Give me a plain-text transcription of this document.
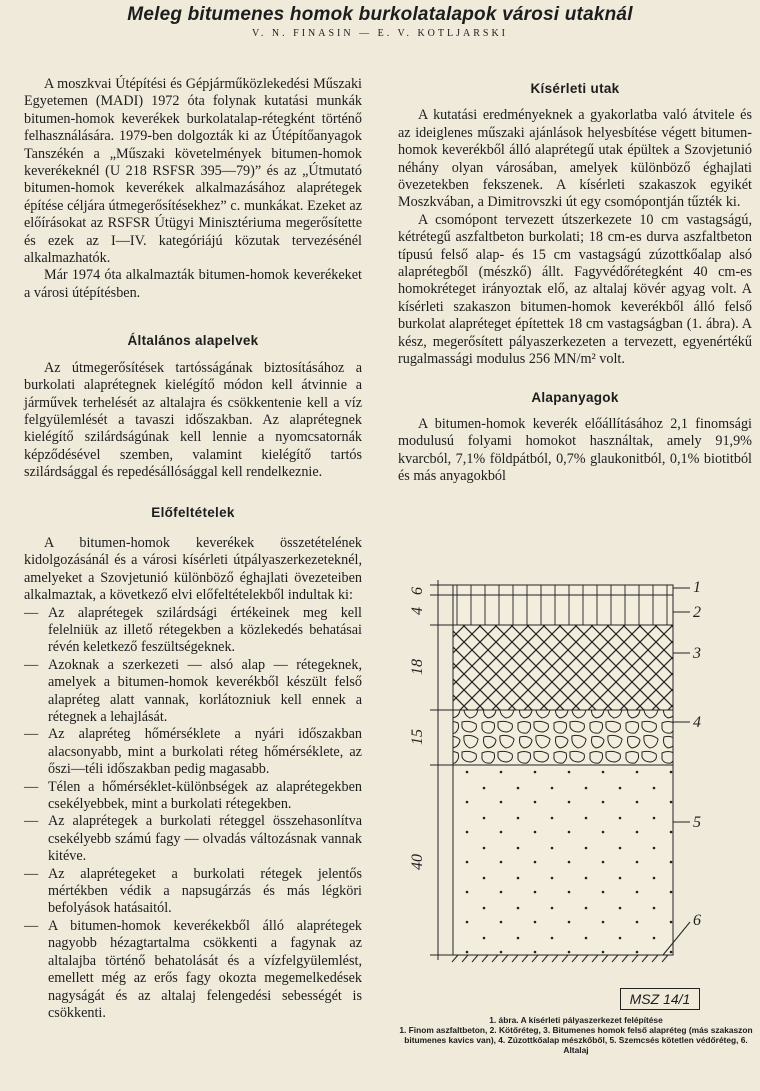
Meleg bitumenes homok burkolatalapok városi utaknál
V. N. FINASIN — E. V. KOTLJARSKI

A moszkvai Útépítési és Gépjárműközlekedési Műszaki Egyetemen (MADI) 1972 óta folynak kutatási munkák bitumen-homok keverékek burkolatalap-rétegként történő felhasználására. 1979-ben dolgozták ki az Útépítőanyagok Tanszékén a „Műszaki követelmények bitumen-homok keverékeknél (U 218 RSFSR 395—79)” és az „Útmutató bitumen-homok keverékek alkalmazásához alaprétegek építése céljára útmegerősítésekhez” c. munkákat. Ezeket az előírásokat az RSFSR Útügyi Minisztériuma megerősítette és ezek az I—IV. kategóriájú közutak tervezésénél alkalmazhatók.

Már 1974 óta alkalmazták bitumen-homok keverékeket a városi útépítésben.

Általános alapelvek

Az útmegerősítések tartósságának biztosításához a burkolati alaprétegnek kielégítő módon kell átvinnie a járművek terhelését az altalajra és csökkentenie kell a víz felgyülemlését a tavaszi időszakban. Az alaprétegnek kielégítő szilárdságúnak kell lennie a nyomcsatornák képződésével szemben, valamint kielégítő tartós szilárdsággal és repedésállósággal kell rendelkeznie.

Előfeltételek

A bitumen-homok keverékek összetételének kidolgozásánál és a városi kísérleti útpályaszerkezeteknél, amelyeket a Szovjetunió különböző éghajlati övezeteiben alkalmaztak, a következő elvi előfeltételekből indultak ki:

— Az alaprétegek szilárdsági értékeinek meg kell felelniük az illető rétegekben a közlekedés behatásai révén keletkező feszültségeknek.
— Azoknak a szerkezeti — alsó alap — rétegeknek, amelyek a bitumen-homok keverékből készült felső alapréteg alatt vannak, korlátozniuk kell ennek a rétegnek a lehajlását.
— Az alapréteg hőmérséklete a nyári időszakban alacsonyabb, mint a burkolati réteg hőmérséklete, az őszi—téli időszakban pedig magasabb.
— Télen a hőmérséklet-különbségek az alaprétegekben csekélyebbek, mint a burkolati rétegekben.
— Az alaprétegek a burkolati réteggel összehasonlítva csekélyebb számú fagy — olvadás változásnak vannak kitéve.
— Az alaprétegeket a burkolati rétegek jelentős mértékben védik a napsugárzás és más légköri befolyások hatásaitól.
— A bitumen-homok keverékekből álló alaprétegek nagyobb hézagtartalma csökkenti a fagynak az altalajba történő behatolását és a vízfelgyülemlést, emellett még az erős fagy okozta megemelkedések nagyságát és az altalaj felengedési sebességét is csökkenti.
Kísérleti utak

A kutatási eredményeknek a gyakorlatba való átvitele és az ideiglenes műszaki ajánlások helyesbítése végett bitumen-homok keverékből álló alaprétegű utak épültek a Szovjetunió néhány olyan városában, amelyek különböző éghajlati övezetekben fekszenek. A kísérleti szakaszok egyikét Moszkvában, a Dimitrovszki út egy csomópontján tűzték ki.

A csomópont tervezett útszerkezete 10 cm vastagságú, kétrétegű aszfaltbeton burkolati; 18 cm-es durva aszfaltbeton típusú felső alap- és 15 cm vastagságú zúzottkőalap alsó alaprétegből (mészkő) állt. Fagyvédőrétegként 40 cm-es homokréteget irányoztak elő, az altalaj kövér agyag volt. A kísérleti szakaszon bitumen-homok keverékből álló felső burkolat alapréteget építettek 18 cm vastagságban (1. ábra). A kész, megerősített pályaszerkezeten a tervezett, egyenértékű rugalmassági modulus 256 MN/m² volt.

Alapanyagok

A bitumen-homok keverék előállításához 2,1 finomsági modulusú folyami homokot használtak, amely 91,9% kvarcból, 7,1% földpátból, 0,7% glaukonitból, 0,1% biotitból és más anyagokból

6
4
18
15
40
1
2
3
4
5
6
MSZ 14/1
1. ábra. A kísérleti pályaszerkezet felépítése
1. Finom aszfaltbeton, 2. Kötőréteg, 3. Bitumenes homok felső alapréteg (más szakaszon bitumenes kavics van), 4. Zúzottkőalap mészkőből, 5. Szemcsés kötetlen védőréteg, 6. Altalaj
